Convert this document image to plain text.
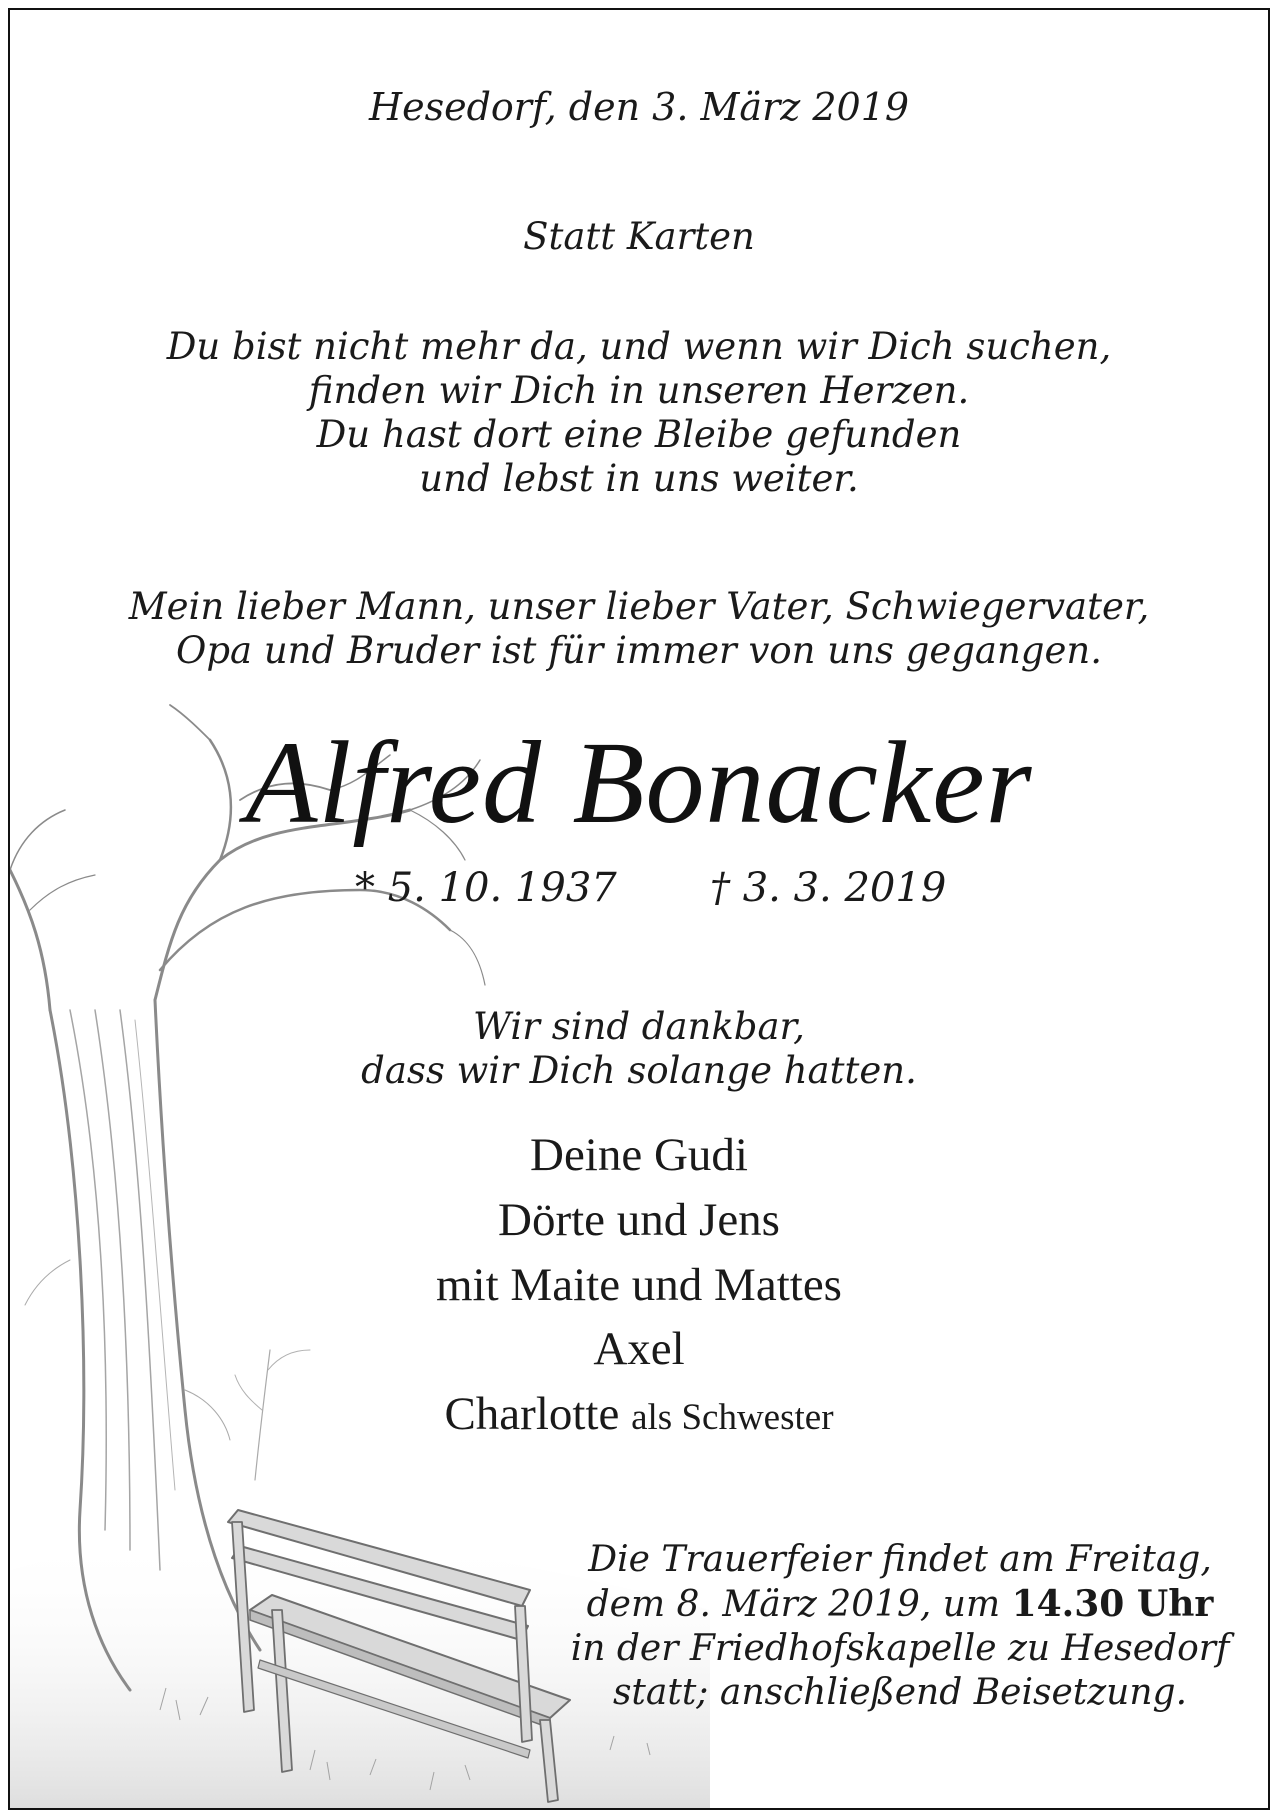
Hesedorf, den 3. März 2019

Statt Karten

Du bist nicht mehr da, und wenn wir Dich suchen,
finden wir Dich in unseren Herzen.
Du hast dort eine Bleibe gefunden
und lebst in uns weiter.
Mein lieber Mann, unser lieber Vater, Schwiegervater,
Opa und Bruder ist für immer von uns gegangen.

Alfred Bonacker

* 5. 10. 1937 † 3. 3. 2019
Wir sind dankbar,
dass wir Dich solange hatten.

Deine Gudi

Dörte und Jens

mit Maite und Mattes

Axel

Charlotte als Schwester

Die Trauerfeier findet am Freitag,
dem 8. März 2019, um 14.30 Uhr
in der Friedhofskapelle zu Hesedorf
statt; anschließend Beisetzung.
